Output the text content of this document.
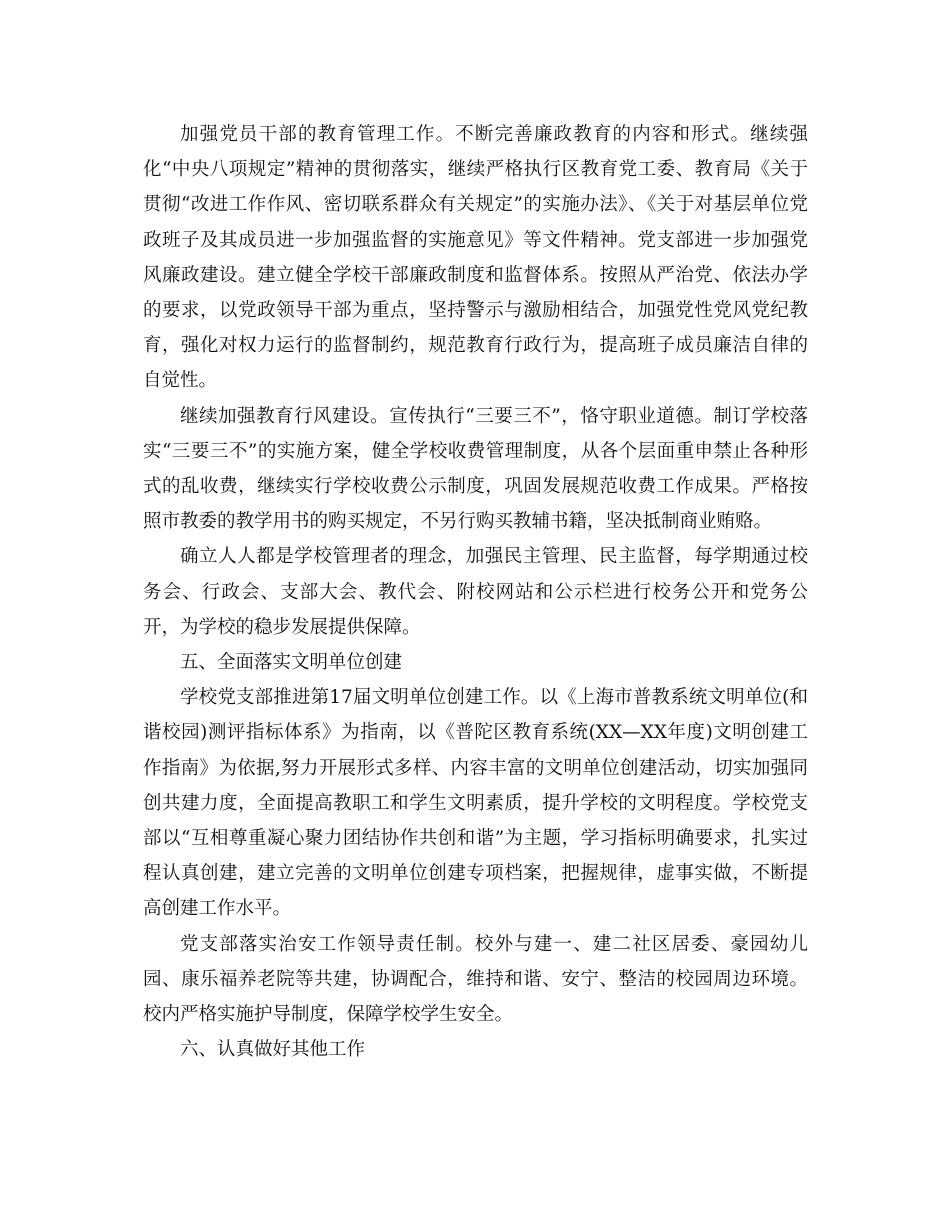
加强党员干部的教育管理工作。不断完善廉政教育的内容和形式。继续强化“中央八项规定”精神的贯彻落实，继续严格执行区教育党工委、教育局《关于贯彻“改进工作作风、密切联系群众有关规定”的实施办法》、《关于对基层单位党政班子及其成员进一步加强监督的实施意见》等文件精神。党支部进一步加强党风廉政建设。建立健全学校干部廉政制度和监督体系。按照从严治党、依法办学的要求，以党政领导干部为重点，坚持警示与激励相结合，加强党性党风党纪教育，强化对权力运行的监督制约，规范教育行政行为，提高班子成员廉洁自律的自觉性。

继续加强教育行风建设。宣传执行“三要三不”，恪守职业道德。制订学校落实“三要三不”的实施方案，健全学校收费管理制度，从各个层面重申禁止各种形式的乱收费，继续实行学校收费公示制度，巩固发展规范收费工作成果。严格按照市教委的教学用书的购买规定，不另行购买教辅书籍，坚决抵制商业贿赂。

确立人人都是学校管理者的理念，加强民主管理、民主监督，每学期通过校务会、行政会、支部大会、教代会、附校网站和公示栏进行校务公开和党务公开，为学校的稳步发展提供保障。

五、全面落实文明单位创建

学校党支部推进第17届文明单位创建工作。以《上海市普教系统文明单位(和谐校园)测评指标体系》为指南，以《普陀区教育系统(XX—XX年度)文明创建工作指南》为依据,努力开展形式多样、内容丰富的文明单位创建活动，切实加强同创共建力度，全面提高教职工和学生文明素质，提升学校的文明程度。学校党支部以“互相尊重凝心聚力团结协作共创和谐”为主题，学习指标明确要求，扎实过程认真创建，建立完善的文明单位创建专项档案，把握规律，虚事实做，不断提高创建工作水平。

党支部落实治安工作领导责任制。校外与建一、建二社区居委、豪园幼儿园、康乐福养老院等共建，协调配合，维持和谐、安宁、整洁的校园周边环境。校内严格实施护导制度，保障学校学生安全。

六、认真做好其他工作
